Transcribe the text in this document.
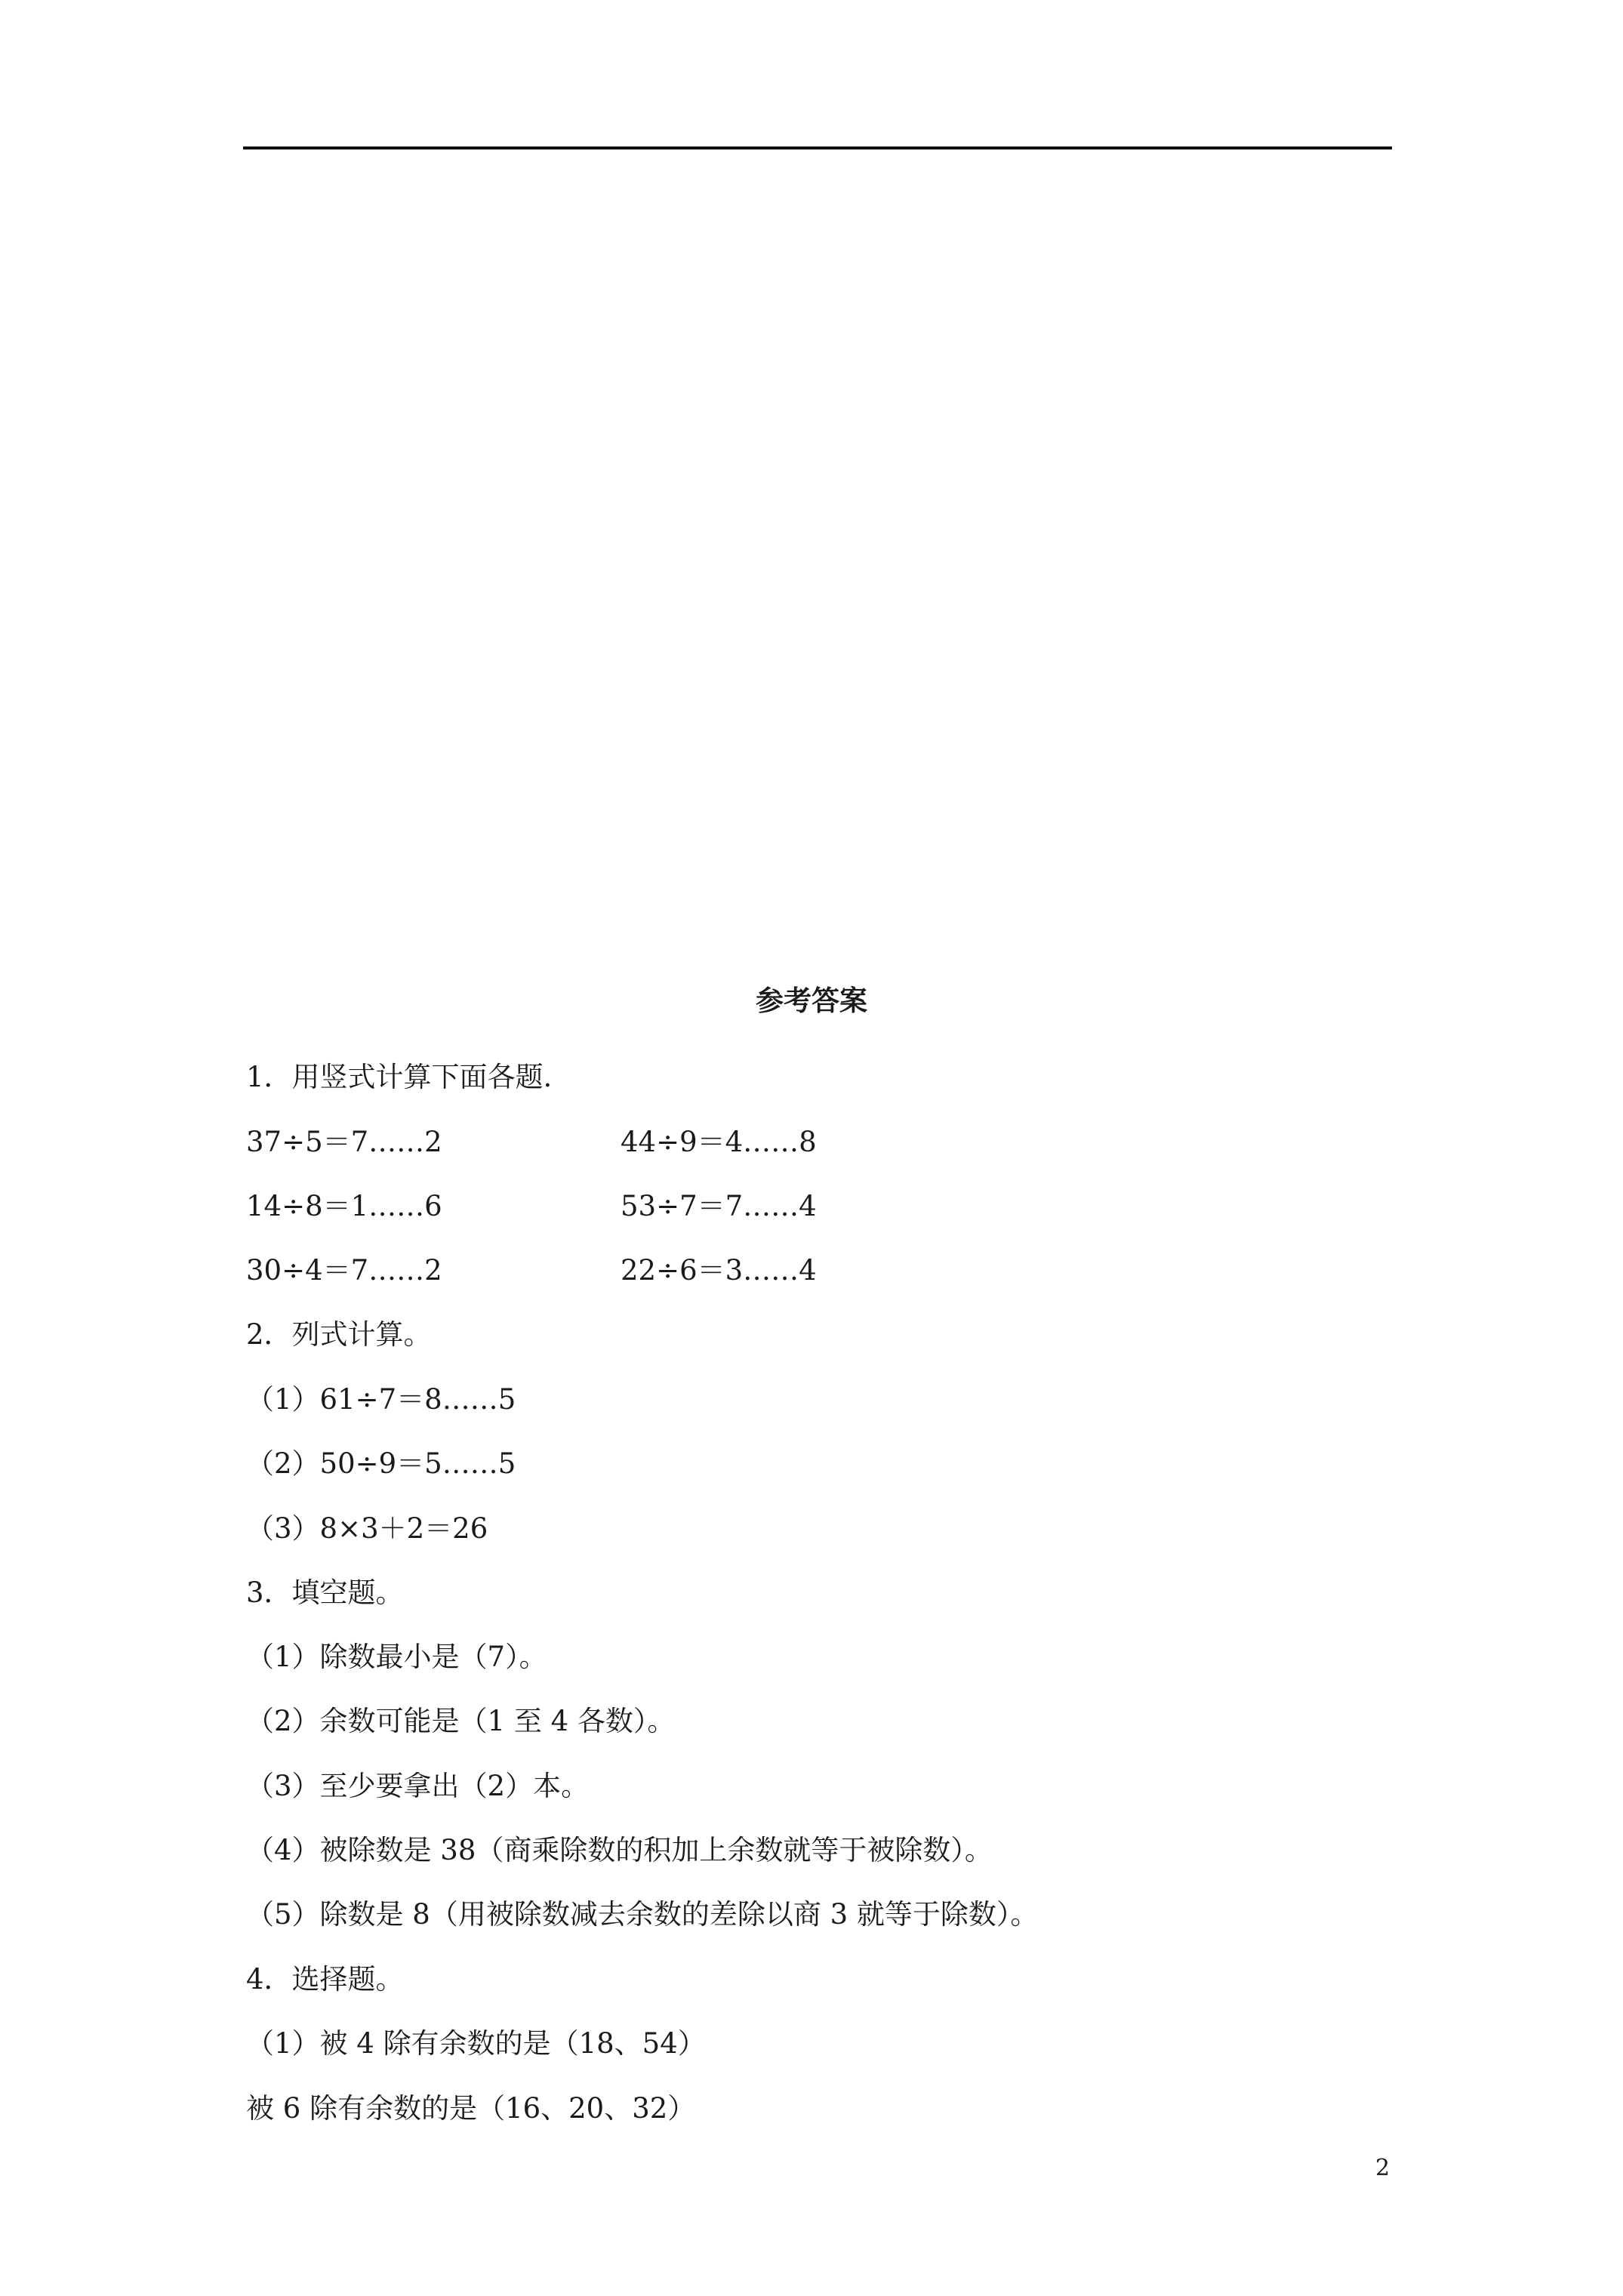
参考答案
1．用竖式计算下面各题.
37÷5＝7……2	44÷9＝4……8
14÷8＝1……6	53÷7＝7……4
30÷4＝7……2	22÷6＝3……4
2．列式计算。
（1）61÷7＝8……5
（2）50÷9＝5……5
（3）8×3＋2＝26
3．填空题。
（1）除数最小是（7）。
（2）余数可能是（1 至 4 各数）。
（3）至少要拿出（2）本。
（4）被除数是 38（商乘除数的积加上余数就等于被除数）。
（5）除数是 8（用被除数减去余数的差除以商 3 就等于除数）。
4．选择题。
（1）被 4 除有余数的是（18、54）
被 6 除有余数的是（16、20、32）
2
